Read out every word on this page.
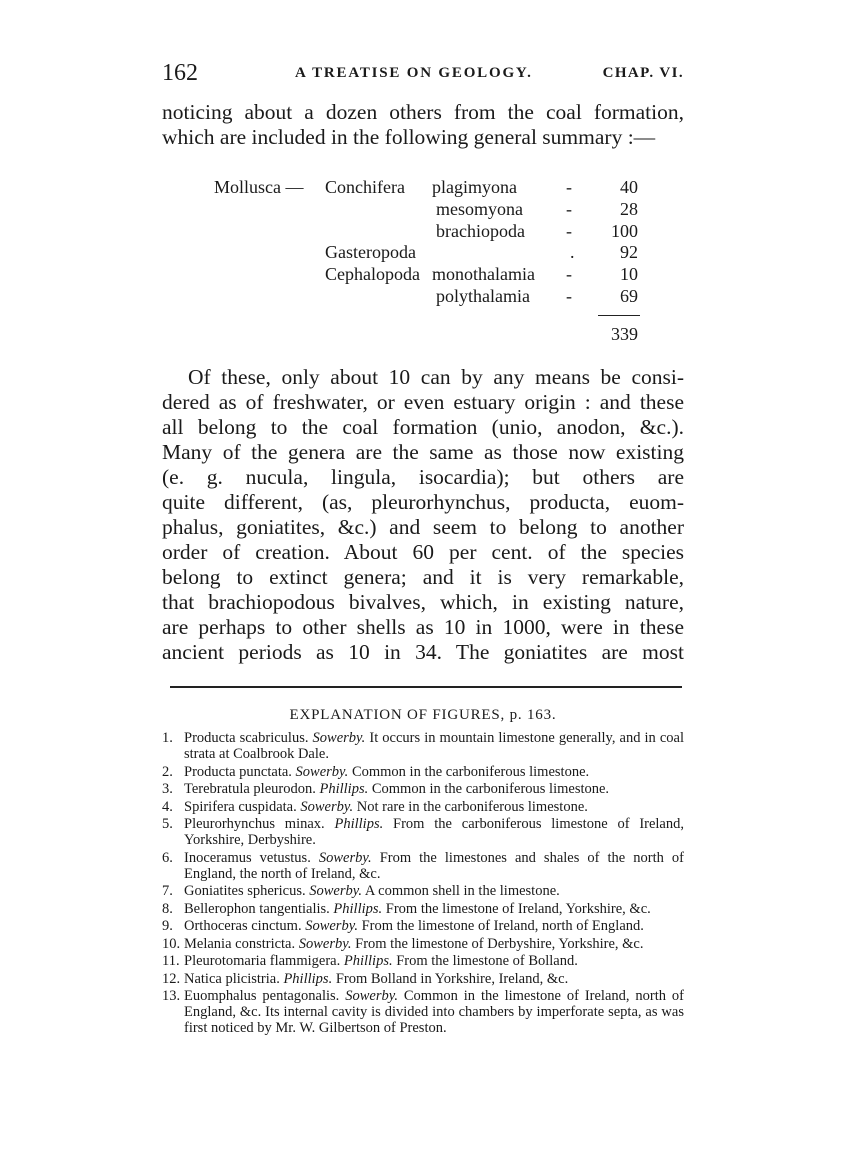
162	A TREATISE ON GEOLOGY.	CHAP. VI.
noticing about a dozen others from the coal formation,
which are included in the following general summary :—
Mollusca — Conchifera plagimyona	-	40
mesomyona -	28
brachiopoda -	100
Gasteropoda	.	92
Cephalopoda monothalamia -	10
polythalamia -	69
339
Of these, only about 10 can by any means be consi-
dered as of freshwater, or even estuary origin : and these
all belong to the coal formation (unio, anodon, &c.).
Many of the genera are the same as those now existing
(e. g. nucula, lingula, isocardia); but others are
quite different, (as, pleurorhynchus, producta, euom-
phalus, goniatites, &c.) and seem to belong to another
order of creation. About 60 per cent. of the species
belong to extinct genera; and it is very remarkable,
that brachiopodous bivalves, which, in existing nature,
are perhaps to other shells as 10 in 1000, were in these
ancient periods as 10 in 34. The goniatites are most
EXPLANATION OF FIGURES, p. 163.
1. Producta scabriculus. Sowerby. It occurs in mountain limestone generally, and in coal strata at Coalbrook Dale.
2. Producta punctata. Sowerby. Common in the carboniferous limestone.
3. Terebratula pleurodon. Phillips. Common in the carboniferous limestone.
4. Spirifera cuspidata. Sowerby. Not rare in the carboniferous limestone.
5. Pleurorhynchus minax. Phillips. From the carboniferous limestone of Ireland, Yorkshire, Derbyshire.
6. Inoceramus vetustus. Sowerby. From the limestones and shales of the north of England, the north of Ireland, &c.
7. Goniatites sphericus. Sowerby. A common shell in the limestone.
8. Bellerophon tangentialis. Phillips. From the limestone of Ireland, Yorkshire, &c.
9. Orthoceras cinctum. Sowerby. From the limestone of Ireland, north of England.
10. Melania constricta. Sowerby. From the limestone of Derbyshire, Yorkshire, &c.
11. Pleurotomaria flammigera. Phillips. From the limestone of Bolland.
12. Natica plicistria. Phillips. From Bolland in Yorkshire, Ireland, &c.
13. Euomphalus pentagonalis. Sowerby. Common in the limestone of Ireland, north of England, &c. Its internal cavity is divided into chambers by imperforate septa, as was first noticed by Mr. W. Gilbertson of Preston.
